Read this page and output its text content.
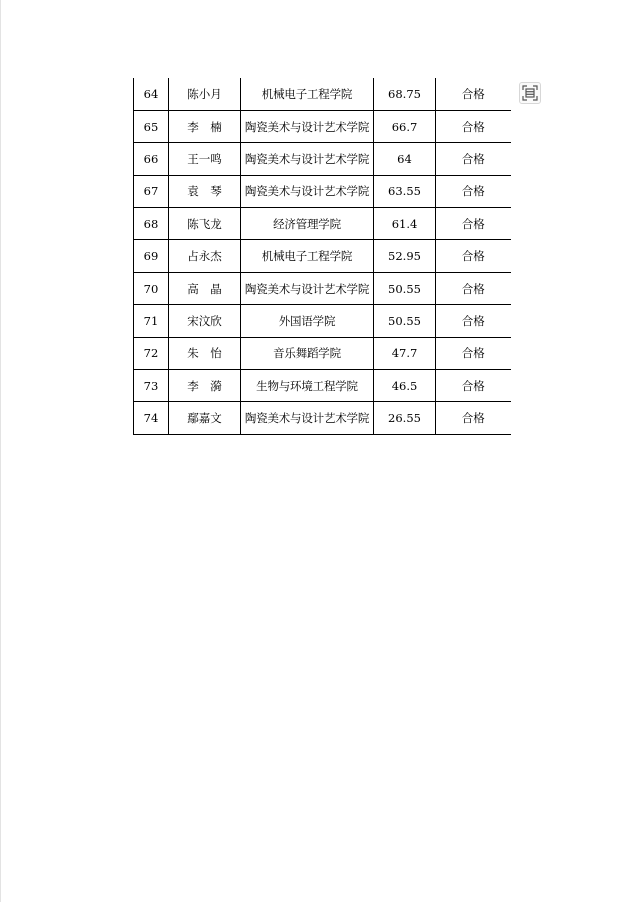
64	陈小月	机械电子工程学院	68.75	合格
65	李　楠	陶瓷美术与设计艺术学院	66.7	合格
66	王一鸣	陶瓷美术与设计艺术学院	64	合格
67	袁　琴	陶瓷美术与设计艺术学院	63.55	合格
68	陈飞龙	经济管理学院	61.4	合格
69	占永杰	机械电子工程学院	52.95	合格
70	高　晶	陶瓷美术与设计艺术学院	50.55	合格
71	宋汶欣	外国语学院	50.55	合格
72	朱　怡	音乐舞蹈学院	47.7	合格
73	李　漪	生物与环境工程学院	46.5	合格
74	鄢嘉文	陶瓷美术与设计艺术学院	26.55	合格
